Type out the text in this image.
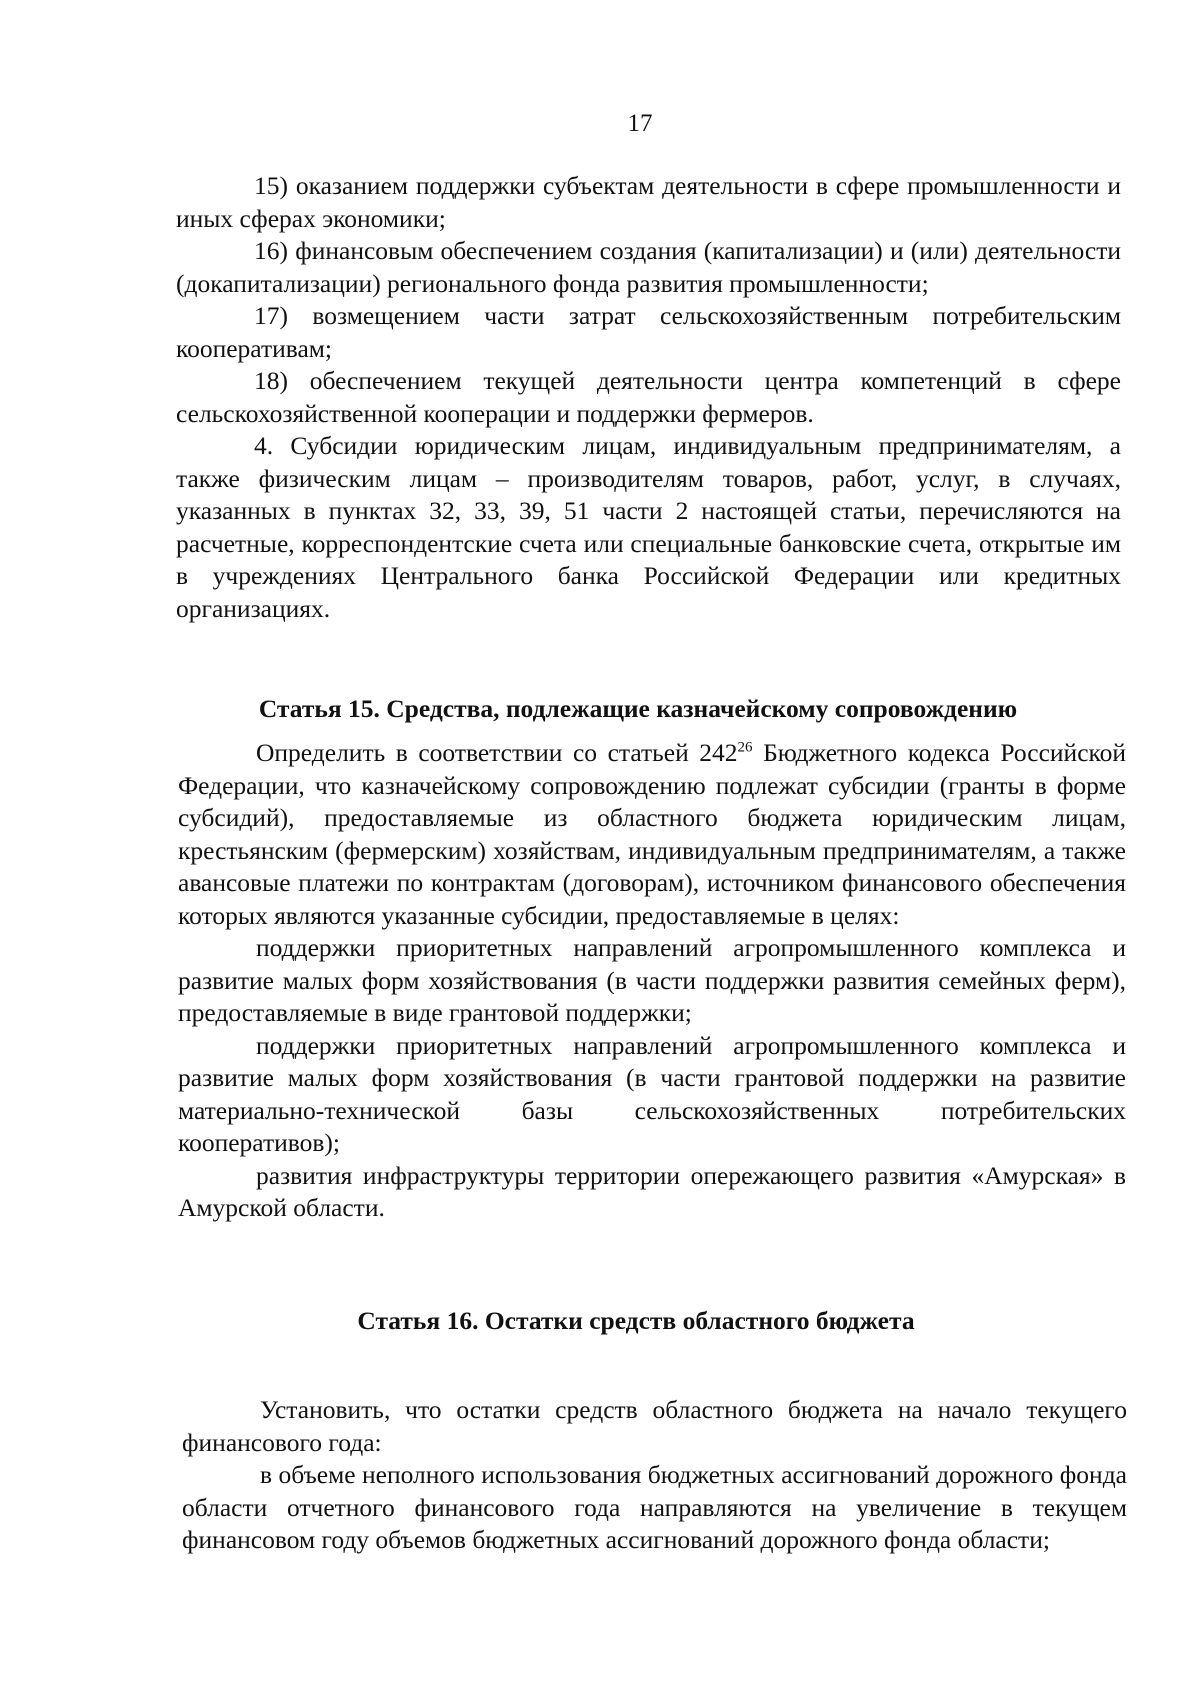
17

15) оказанием поддержки субъектам деятельности в сфере промышленности и иных сферах экономики;

16) финансовым обеспечением создания (капитализации) и (или) деятельности (докапитализации) регионального фонда развития промышленности;

17) возмещением части затрат сельскохозяйственным потребительским кооперативам;

18) обеспечением текущей деятельности центра компетенций в сфере сельскохозяйственной кооперации и поддержки фермеров.

4. Субсидии юридическим лицам, индивидуальным предпринимателям, а также физическим лицам – производителям товаров, работ, услуг, в случаях, указанных в пунктах 32, 33, 39, 51 части 2 настоящей статьи, перечисляются на расчетные, корреспондентские счета или специальные банковские счета, открытые им в учреждениях Центрального банка Российской Федерации или кредитных организациях.

Статья 15. Средства, подлежащие казначейскому сопровождению

Определить в соответствии со статьей $242^{26}$ Бюджетного кодекса Российской Федерации, что казначейскому сопровождению подлежат субсидии (гранты в форме субсидий), предоставляемые из областного бюджета юридическим лицам, крестьянским (фермерским) хозяйствам, индивидуальным предпринимателям, а также авансовые платежи по контрактам (договорам), источником финансового обеспечения которых являются указанные субсидии, предоставляемые в целях:

поддержки приоритетных направлений агропромышленного комплекса и развитие малых форм хозяйствования (в части поддержки развития семейных ферм), предоставляемые в виде грантовой поддержки;

поддержки приоритетных направлений агропромышленного комплекса и развитие малых форм хозяйствования (в части грантовой поддержки на развитие материально-технической базы сельскохозяйственных потребительских кооперативов);

развития инфраструктуры территории опережающего развития «Амурская» в Амурской области.

Статья 16. Остатки средств областного бюджета

Установить, что остатки средств областного бюджета на начало текущего финансового года:

в объеме неполного использования бюджетных ассигнований дорожного фонда области отчетного финансового года направляются на увеличение в текущем финансовом году объемов бюджетных ассигнований дорожного фонда области;
